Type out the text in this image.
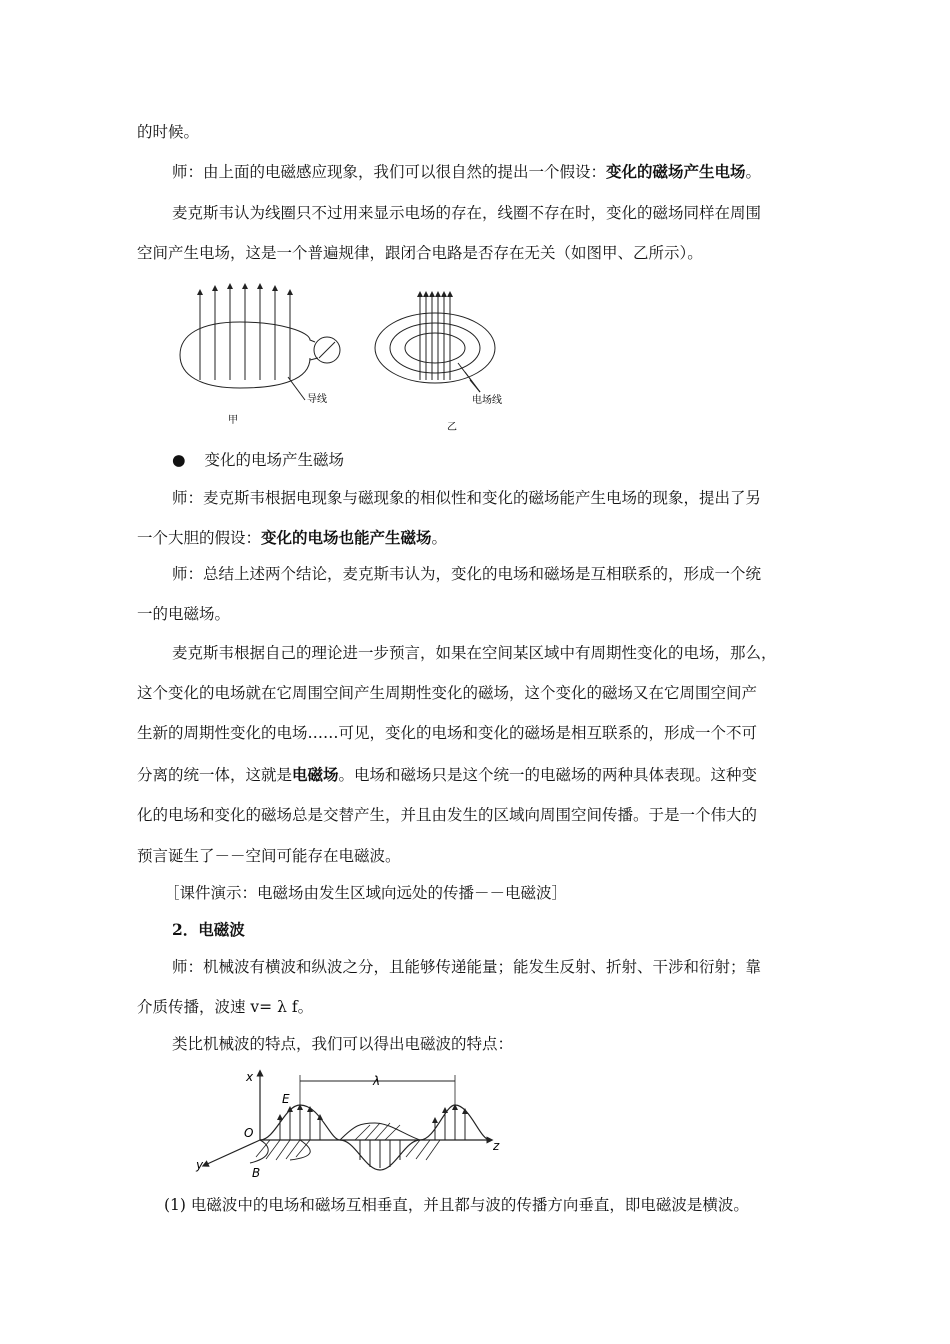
的时候。
师：由上面的电磁感应现象，我们可以很自然的提出一个假设：变化的磁场产生电场。
麦克斯韦认为线圈只不过用来显示电场的存在，线圈不存在时，变化的磁场同样在周围
空间产生电场，这是一个普遍规律，跟闭合电路是否存在无关（如图甲、乙所示）。
导线
甲
电场线
乙
● 变化的电场产生磁场
师：麦克斯韦根据电现象与磁现象的相似性和变化的磁场能产生电场的现象，提出了另
一个大胆的假设：变化的电场也能产生磁场。
师：总结上述两个结论，麦克斯韦认为，变化的电场和磁场是互相联系的，形成一个统
一的电磁场。
麦克斯韦根据自己的理论进一步预言，如果在空间某区域中有周期性变化的电场，那么，
这个变化的电场就在它周围空间产生周期性变化的磁场，这个变化的磁场又在它周围空间产
生新的周期性变化的电场……可见，变化的电场和变化的磁场是相互联系的，形成一个不可
分离的统一体，这就是电磁场。电场和磁场只是这个统一的电磁场的两种具体表现。这种变
化的电场和变化的磁场总是交替产生，并且由发生的区域向周围空间传播。于是一个伟大的
预言诞生了－－空间可能存在电磁波。
［课件演示：电磁场由发生区域向远处的传播－－电磁波］
2．电磁波
师：机械波有横波和纵波之分，且能够传递能量；能发生反射、折射、干涉和衍射；靠
介质传播，波速 v= λ f。
类比机械波的特点，我们可以得出电磁波的特点：
λ
x
O
y
z
E
B
(1) 电磁波中的电场和磁场互相垂直，并且都与波的传播方向垂直，即电磁波是横波。
